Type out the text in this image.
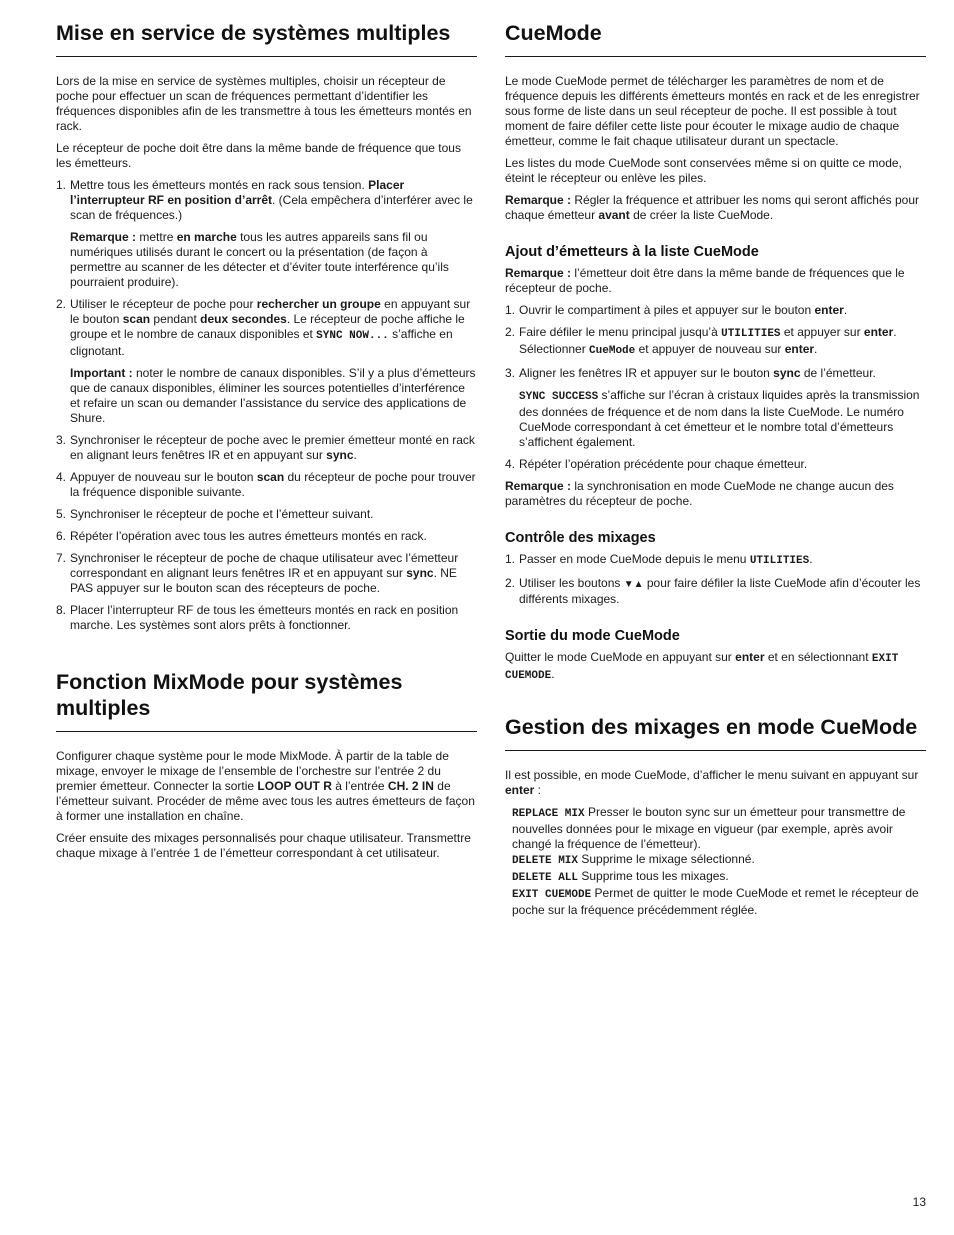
Mise en service de systèmes multiples

Lors de la mise en service de systèmes multiples, choisir un récepteur de poche pour effectuer un scan de fréquences permettant d’identifier les fréquences disponibles afin de les transmettre à tous les émetteurs montés en rack.

Le récepteur de poche doit être dans la même bande de fréquence que tous les émetteurs.

1. Mettre tous les émetteurs montés en rack sous tension. Placer l’interrupteur RF en position d’arrêt. (Cela empêchera d’interférer avec le scan de fréquences.)

Remarque : mettre en marche tous les autres appareils sans fil ou numériques utilisés durant le concert ou la présentation (de façon à permettre au scanner de les détecter et d’éviter toute interférence qu’ils pourraient produire).

2. Utiliser le récepteur de poche pour rechercher un groupe en appuyant sur le bouton scan pendant deux secondes. Le récepteur de poche affiche le groupe et le nombre de canaux disponibles et SYNC NOW... s’affiche en clignotant.

Important : noter le nombre de canaux disponibles. S’il y a plus d’émetteurs que de canaux disponibles, éliminer les sources potentielles d’interférence et refaire un scan ou demander l’assistance du service des applications de Shure.

3. Synchroniser le récepteur de poche avec le premier émetteur monté en rack en alignant leurs fenêtres IR et en appuyant sur sync.
4. Appuyer de nouveau sur le bouton scan du récepteur de poche pour trouver la fréquence disponible suivante.
5. Synchroniser le récepteur de poche et l’émetteur suivant.
6. Répéter l’opération avec tous les autres émetteurs montés en rack.
7. Synchroniser le récepteur de poche de chaque utilisateur avec l’émetteur correspondant en alignant leurs fenêtres IR et en appuyant sur sync. NE PAS appuyer sur le bouton scan des récepteurs de poche.
8. Placer l’interrupteur RF de tous les émetteurs montés en rack en position marche. Les systèmes sont alors prêts à fonctionner.
Fonction MixMode pour systèmes multiples

Configurer chaque système pour le mode MixMode. À partir de la table de mixage, envoyer le mixage de l’ensemble de l’orchestre sur l’entrée 2 du premier émetteur. Connecter la sortie LOOP OUT R à l’entrée CH. 2 IN de l’émetteur suivant. Procéder de même avec tous les autres émetteurs de façon à former une installation en chaîne.

Créer ensuite des mixages personnalisés pour chaque utilisateur. Transmettre chaque mixage à l’entrée 1 de l’émetteur correspondant à cet utilisateur.

CueMode

Le mode CueMode permet de télécharger les paramètres de nom et de fréquence depuis les différents émetteurs montés en rack et de les enregistrer sous forme de liste dans un seul récepteur de poche. Il est possible à tout moment de faire défiler cette liste pour écouter le mixage audio de chaque émetteur, comme le fait chaque utilisateur durant un spectacle.

Les listes du mode CueMode sont conservées même si on quitte ce mode, éteint le récepteur ou enlève les piles.

Remarque : Régler la fréquence et attribuer les noms qui seront affichés pour chaque émetteur avant de créer la liste CueMode.

Ajout d’émetteurs à la liste CueMode

Remarque : l’émetteur doit être dans la même bande de fréquences que le récepteur de poche.

1. Ouvrir le compartiment à piles et appuyer sur le bouton enter.
2. Faire défiler le menu principal jusqu’à UTILITIES et appuyer sur enter. Sélectionner CueMode et appuyer de nouveau sur enter.
3. Aligner les fenêtres IR et appuyer sur le bouton sync de l’émetteur.

SYNC SUCCESS s’affiche sur l’écran à cristaux liquides après la transmission des données de fréquence et de nom dans la liste CueMode. Le numéro CueMode correspondant à cet émetteur et le nombre total d’émetteurs s’affichent également.

4. Répéter l’opération précédente pour chaque émetteur.

Remarque : la synchronisation en mode CueMode ne change aucun des paramètres du récepteur de poche.

Contrôle des mixages
1. Passer en mode CueMode depuis le menu UTILITIES.
2. Utiliser les boutons ▼▲ pour faire défiler la liste CueMode afin d’écouter les différents mixages.
Sortie du mode CueMode

Quitter le mode CueMode en appuyant sur enter et en sélectionnant EXIT CUEMODE.

Gestion des mixages en mode CueMode

Il est possible, en mode CueMode, d’afficher le menu suivant en appuyant sur enter :

REPLACE MIX Presser le bouton sync sur un émetteur pour transmettre de nouvelles données pour le mixage en vigueur (par exemple, après avoir changé la fréquence de l’émetteur).

DELETE MIX Supprime le mixage sélectionné.

DELETE ALL Supprime tous les mixages.

EXIT CUEMODE Permet de quitter le mode CueMode et remet le récepteur de poche sur la fréquence précédemment réglée.

13
